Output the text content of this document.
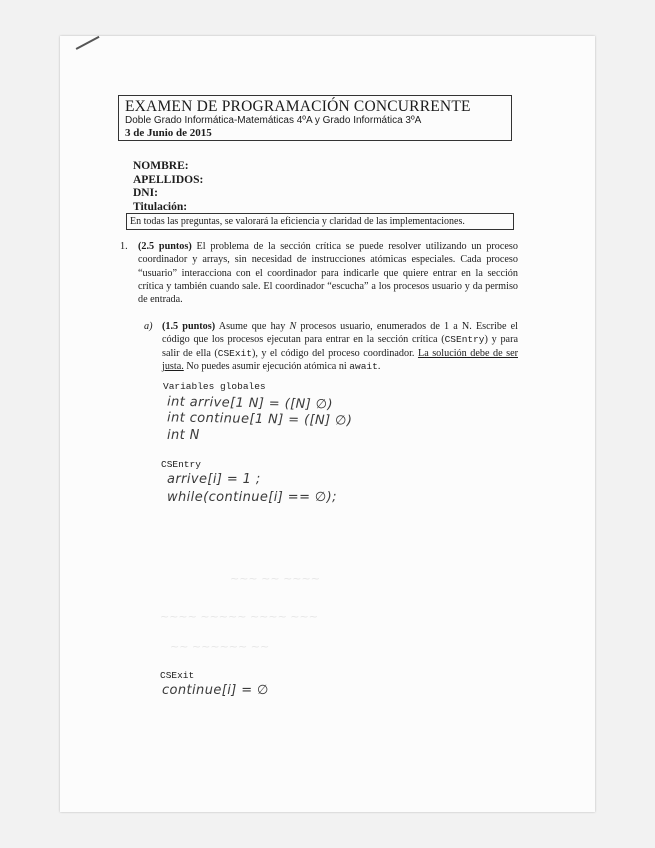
EXAMEN DE PROGRAMACIÓN CONCURRENTE
Doble Grado Informática-Matemáticas 4ºA y Grado Informática 3ºA
3 de Junio de 2015
NOMBRE:
APELLIDOS:
DNI:
Titulación:
En todas las preguntas, se valorará la eficiencia y claridad de las implementaciones.
1. (2.5 puntos) El problema de la sección crítica se puede resolver utilizando un proceso coordinador y arrays, sin necesidad de instrucciones atómicas especiales. Cada proceso “usuario” interacciona con el coordinador para indicarle que quiere entrar en la sección crítica y también cuando sale. El coordinador “escucha” a los procesos usuario y da permiso de entrada.
a) (1.5 puntos) Asume que hay N procesos usuario, enumerados de 1 a N. Escribe el código que los procesos ejecutan para entrar en la sección crítica (CSEntry) y para salir de ella (CSExit), y el código del proceso coordinador. La solución debe de ser justa. No puedes asumir ejecución atómica ni await.
Variables globales
int arrive[1 N] = ([N] ∅)
int continue[1 N] = ([N] ∅)
int N
CSEntry
arrive[i] = 1 ;
while(continue[i] == ∅);
~~~ ~~ ~~~~
~~~~ ~~~~~ ~~~~ ~~~
~~ ~~~~~~ ~~
CSExit
continue[i] = ∅
